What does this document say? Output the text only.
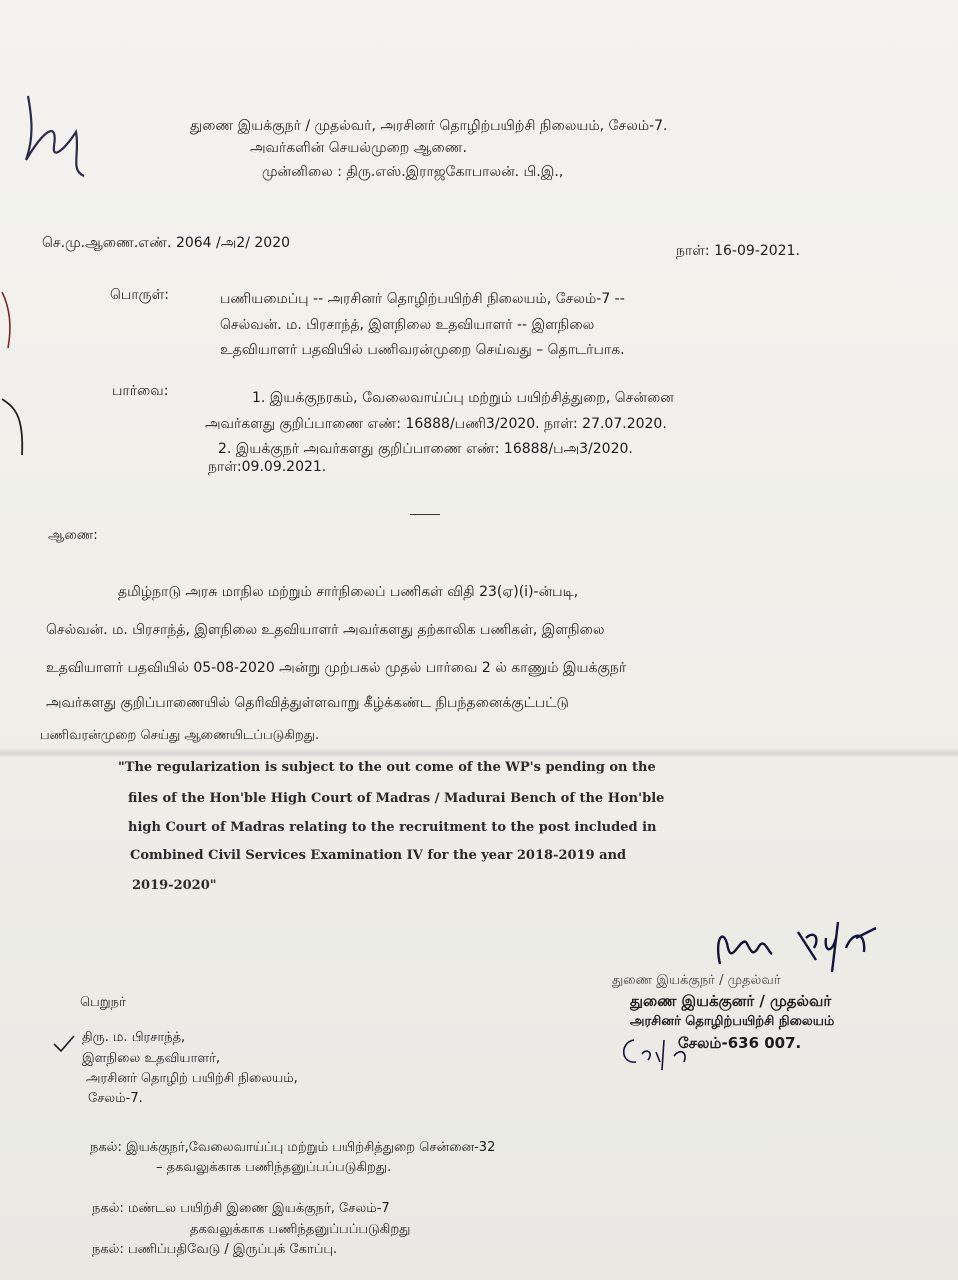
துணை இயக்குநர் / முதல்வர், அரசினர் தொழிற்பயிற்சி நிலையம், சேலம்-7.
அவர்களின் செயல்முறை ஆணை.
முன்னிலை : திரு.எஸ்.இராஜகோபாலன். பி.இ.,
செ.மு.ஆணை.எண். 2064 /அ2/ 2020	நாள்: 16-09-2021.
பொருள்:	பணியமைப்பு -- அரசினர் தொழிற்பயிற்சி நிலையம், சேலம்-7 --
செல்வன். ம. பிரசாந்த், இளநிலை உதவியாளர் -- இளநிலை
உதவியாளர் பதவியில் பணிவரன்முறை செய்வது – தொடர்பாக.
பார்வை:	1. இயக்குநரகம், வேலைவாய்ப்பு மற்றும் பயிற்சித்துறை, சென்னை
அவர்களது குறிப்பாணை எண்: 16888/பணி3/2020. நாள்: 27.07.2020.
2. இயக்குநர் அவர்களது குறிப்பாணை எண்: 16888/பஅ3/2020.
நாள்:09.09.2021.
ஆணை:
தமிழ்நாடு அரசு மாநில மற்றும் சார்நிலைப் பணிகள் விதி 23(ஏ)(i)-ன்படி,
செல்வன். ம. பிரசாந்த், இளநிலை உதவியாளர் அவர்களது தற்காலிக பணிகள், இளநிலை
உதவியாளர் பதவியில் 05-08-2020 அன்று முற்பகல் முதல் பார்வை 2 ல் காணும் இயக்குநர்
அவர்களது குறிப்பாணையில் தெரிவித்துள்ளவாறு கீழ்க்கண்ட நிபந்தனைக்குட்பட்டு
பணிவரன்முறை செய்து ஆணையிடப்படுகிறது.
"The regularization is subject to the out come of the WP's pending on the
files of the Hon'ble High Court of Madras / Madurai Bench of the Hon'ble
high Court of Madras relating to the recruitment to the post included in
Combined Civil Services Examination IV for the year 2018-2019 and
2019-2020"
துணை இயக்குநர் / முதல்வர்
துணை இயக்குனர் / முதல்வர்
அரசினர் தொழிற்பயிற்சி நிலையம்
சேலம்-636 007.
பெறுநர்
திரு. ம. பிரசாந்த்,
இளநிலை உதவியாளர்,
அரசினர் தொழிற் பயிற்சி நிலையம்,
சேலம்-7.
நகல்: இயக்குநர்,வேலைவாய்ப்பு மற்றும் பயிற்சித்துறை சென்னை-32
– தகவலுக்காக பணிந்தனுப்பப்படுகிறது.
நகல்: மண்டல பயிற்சி இணை இயக்குநர், சேலம்-7
தகவலுக்காக பணிந்தனுப்பப்படுகிறது
நகல்: பணிப்பதிவேடு / இருப்புக் கோப்பு.
